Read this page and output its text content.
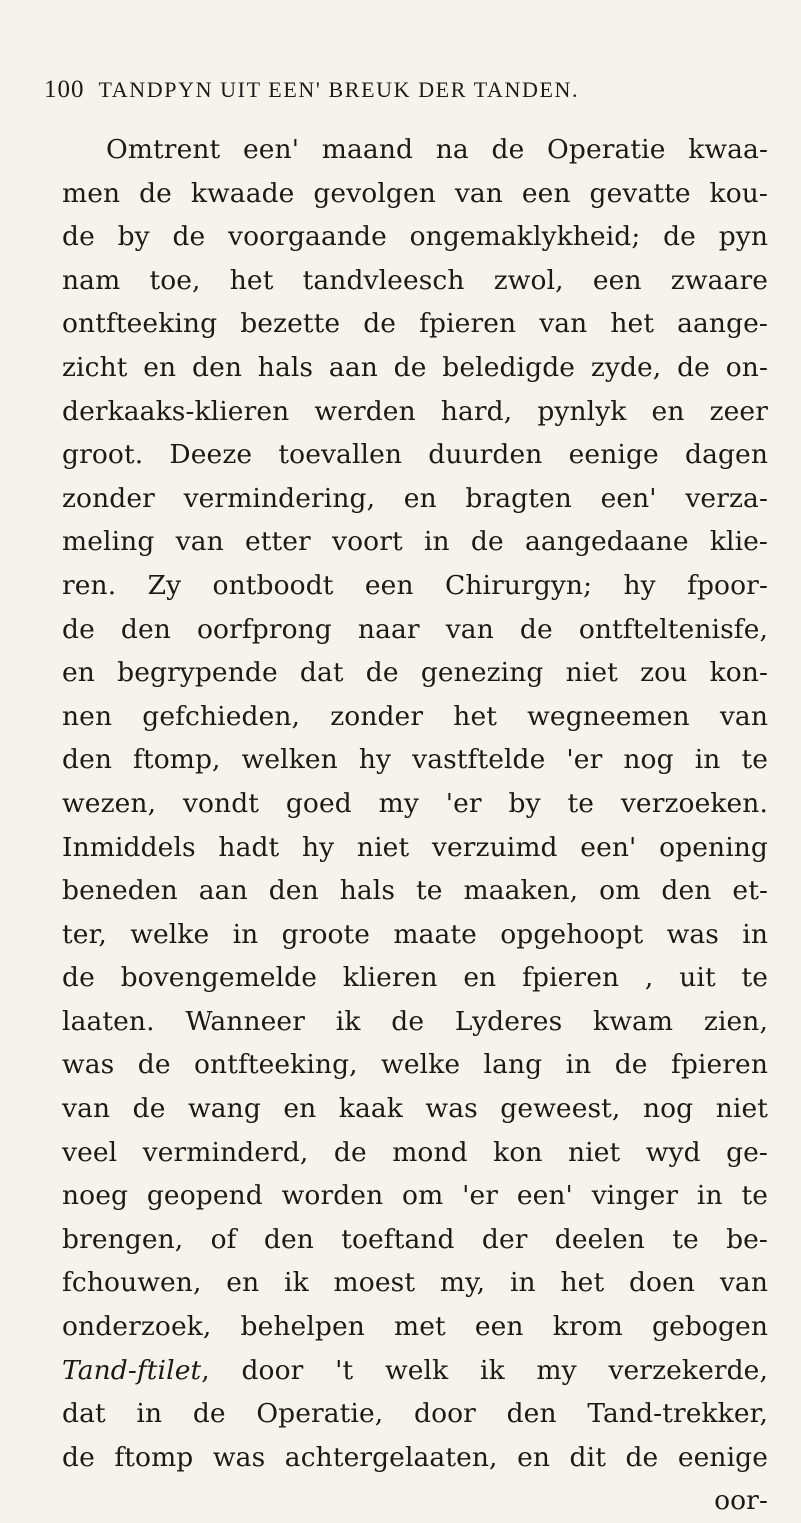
100 TANDPYN UIT EEN' BREUK DER TANDEN.
Omtrent een' maand na de Operatie kwaa-
men de kwaade gevolgen van een gevatte kou-
de by de voorgaande ongemaklykheid; de pyn
nam toe, het tandvleesch zwol, een zwaare
ontfteeking bezette de fpieren van het aange-
zicht en den hals aan de beledigde zyde, de on-
derkaaks-klieren werden hard, pynlyk en zeer
groot. Deeze toevallen duurden eenige dagen
zonder vermindering, en bragten een' verza-
meling van etter voort in de aangedaane klie-
ren. Zy ontboodt een Chirurgyn; hy fpoor-
de den oorfprong naar van de ontfteltenisfe,
en begrypende dat de genezing niet zou kon-
nen gefchieden, zonder het wegneemen van
den ftomp, welken hy vastftelde 'er nog in te
wezen, vondt goed my 'er by te verzoeken.
Inmiddels hadt hy niet verzuimd een' opening
beneden aan den hals te maaken, om den et-
ter, welke in groote maate opgehoopt was in
de bovengemelde klieren en fpieren , uit te
laaten. Wanneer ik de Lyderes kwam zien,
was de ontfteeking, welke lang in de fpieren
van de wang en kaak was geweest, nog niet
veel verminderd, de mond kon niet wyd ge-
noeg geopend worden om 'er een' vinger in te
brengen, of den toeftand der deelen te be-
fchouwen, en ik moest my, in het doen van
onderzoek, behelpen met een krom gebogen
Tand-ftilet, door 't welk ik my verzekerde,
dat in de Operatie, door den Tand-trekker,
de ftomp was achtergelaaten, en dit de eenige
oor-
